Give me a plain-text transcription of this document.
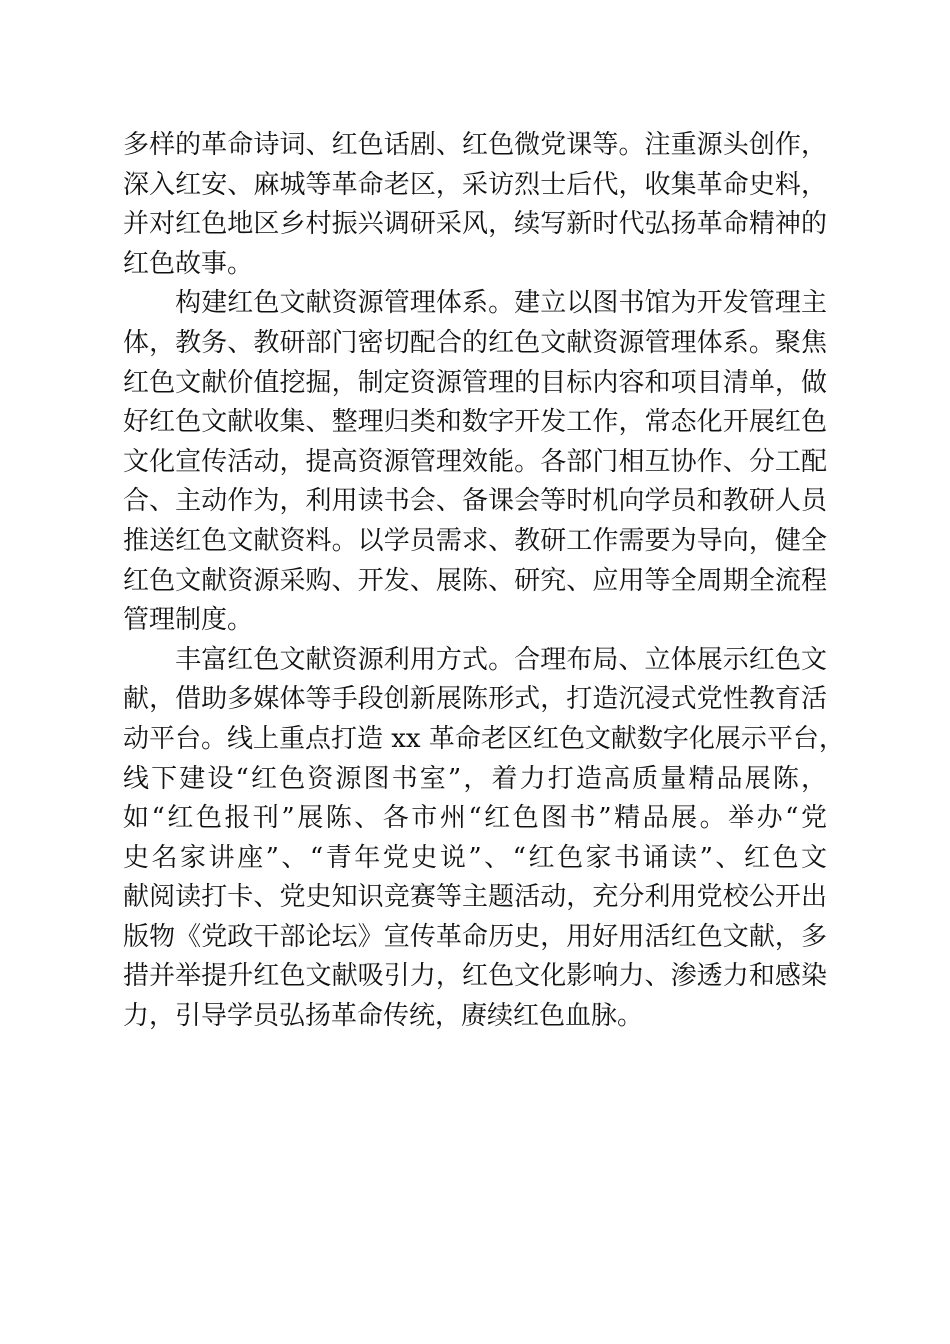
多样的革命诗词、红色话剧、红色微党课等。注重源头创作，
深入红安、麻城等革命老区，采访烈士后代，收集革命史料，
并对红色地区乡村振兴调研采风，续写新时代弘扬革命精神的
红色故事。
　　构建红色文献资源管理体系。建立以图书馆为开发管理主
体，教务、教研部门密切配合的红色文献资源管理体系。聚焦
红色文献价值挖掘，制定资源管理的目标内容和项目清单，做
好红色文献收集、整理归类和数字开发工作，常态化开展红色
文化宣传活动，提高资源管理效能。各部门相互协作、分工配
合、主动作为，利用读书会、备课会等时机向学员和教研人员
推送红色文献资料。以学员需求、教研工作需要为导向，健全
红色文献资源采购、开发、展陈、研究、应用等全周期全流程
管理制度。
　　丰富红色文献资源利用方式。合理布局、立体展示红色文
献，借助多媒体等手段创新展陈形式，打造沉浸式党性教育活
动平台。线上重点打造 xx 革命老区红色文献数字化展示平台，
线下建设“红色资源图书室”，着力打造高质量精品展陈，
如“红色报刊”展陈、各市州“红色图书”精品展。举办“党
史名家讲座”、“青年党史说”、“红色家书诵读”、红色文
献阅读打卡、党史知识竞赛等主题活动，充分利用党校公开出
版物《党政干部论坛》宣传革命历史，用好用活红色文献，多
措并举提升红色文献吸引力，红色文化影响力、渗透力和感染
力，引导学员弘扬革命传统，赓续红色血脉。
